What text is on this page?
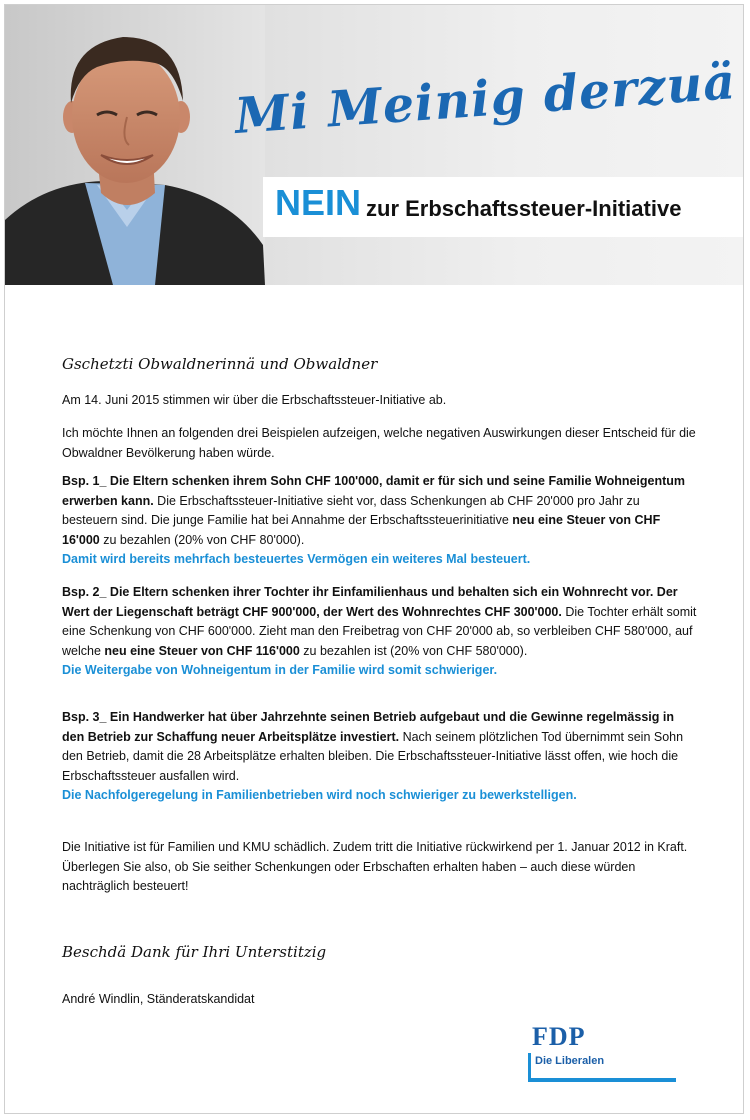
Mi Meinig derzuä
NEIN zur Erbschaftssteuer-Initiative
Gschetzti Obwaldnerinnä und Obwaldner

Am 14. Juni 2015 stimmen wir über die Erbschaftssteuer-Initiative ab.

Ich möchte Ihnen an folgenden drei Beispielen aufzeigen, welche negativen Auswirkungen dieser Entscheid für die Obwaldner Bevölkerung haben würde.

Bsp. 1_ Die Eltern schenken ihrem Sohn CHF 100'000, damit er für sich und seine Familie Wohneigentum erwerben kann. Die Erbschaftssteuer-Initiative sieht vor, dass Schenkungen ab CHF 20'000 pro Jahr zu besteuern sind. Die junge Familie hat bei Annahme der Erbschaftssteuerinitiative neu eine Steuer von CHF 16'000 zu bezahlen (20% von CHF 80'000).
Damit wird bereits mehrfach besteuertes Vermögen ein weiteres Mal besteuert.

Bsp. 2_ Die Eltern schenken ihrer Tochter ihr Einfamilienhaus und behalten sich ein Wohnrecht vor. Der Wert der Liegenschaft beträgt CHF 900'000, der Wert des Wohnrechtes CHF 300'000. Die Tochter erhält somit eine Schenkung von CHF 600'000. Zieht man den Freibetrag von CHF 20'000 ab, so verbleiben CHF 580'000, auf welche neu eine Steuer von CHF 116'000 zu bezahlen ist (20% von CHF 580'000).
Die Weitergabe von Wohneigentum in der Familie wird somit schwieriger.

Bsp. 3_ Ein Handwerker hat über Jahrzehnte seinen Betrieb aufgebaut und die Gewinne regelmässig in den Betrieb zur Schaffung neuer Arbeitsplätze investiert. Nach seinem plötzlichen Tod übernimmt sein Sohn den Betrieb, damit die 28 Arbeitsplätze erhalten bleiben. Die Erbschaftssteuer-Initiative lässt offen, wie hoch die Erbschaftssteuer ausfallen wird.
Die Nachfolgeregelung in Familienbetrieben wird noch schwieriger zu bewerkstelligen.

Die Initiative ist für Familien und KMU schädlich. Zudem tritt die Initiative rückwirkend per 1. Januar 2012 in Kraft. Überlegen Sie also, ob Sie seither Schenkungen oder Erbschaften erhalten haben – auch diese würden nachträglich besteuert!

Beschdä Dank für Ihri Unterstitzig

André Windlin, Ständeratskandidat

FDP
Die Liberalen
